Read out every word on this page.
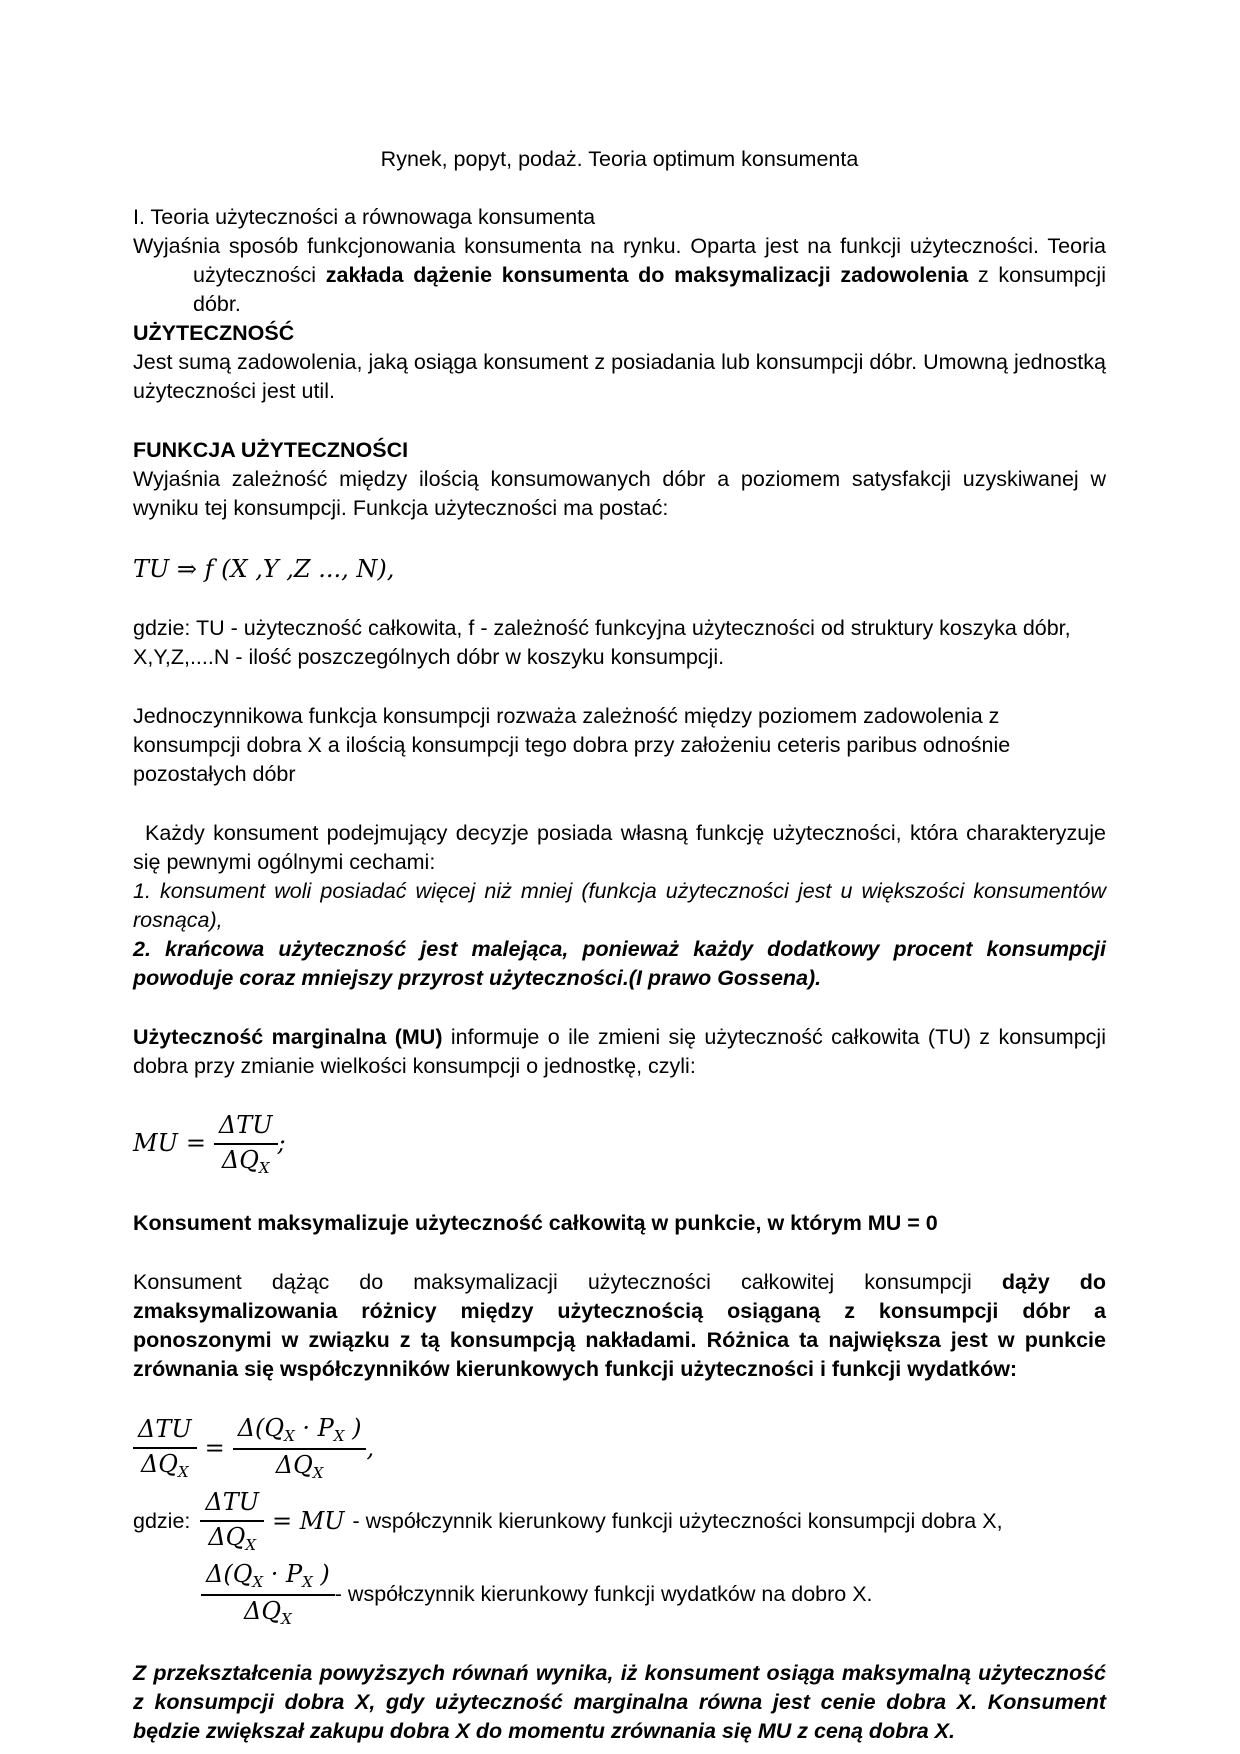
Rynek, popyt, podaż. Teoria optimum konsumenta

I. Teoria użyteczności a równowaga konsumenta

Wyjaśnia sposób funkcjonowania konsumenta na rynku. Oparta jest na funkcji użyteczności. Teoria użyteczności zakłada dążenie konsumenta do maksymalizacji zadowolenia z konsumpcji dóbr.

UŻYTECZNOŚĆ

Jest sumą zadowolenia, jaką osiąga konsument z posiadania lub konsumpcji dóbr. Umowną jednostką użyteczności jest util.

FUNKCJA UŻYTECZNOŚCI

Wyjaśnia zależność między ilością konsumowanych dóbr a poziomem satysfakcji uzyskiwanej w wyniku tej konsumpcji. Funkcja użyteczności ma postać:

TU ⇒ f (X ,Y ,Z ..., N),

gdzie: TU - użyteczność całkowita, f - zależność funkcyjna użyteczności od struktury koszyka dóbr, X,Y,Z,....N - ilość poszczególnych dóbr w koszyku konsumpcji.

Jednoczynnikowa funkcja konsumpcji rozważa zależność między poziomem zadowolenia z konsumpcji dobra X a ilością konsumpcji tego dobra przy założeniu ceteris paribus odnośnie pozostałych dóbr

Każdy konsument podejmujący decyzje posiada własną funkcję użyteczności, która charakteryzuje się pewnymi ogólnymi cechami:

1. konsument woli posiadać więcej niż mniej (funkcja użyteczności jest u większości konsumentów rosnąca),

2. krańcowa użyteczność jest malejąca, ponieważ każdy dodatkowy procent konsumpcji powoduje coraz mniejszy przyrost użyteczności.(I prawo Gossena).

Użyteczność marginalna (MU) informuje o ile zmieni się użyteczność całkowita (TU) z konsumpcji dobra przy zmianie wielkości konsumpcji o jednostkę, czyli:

MU = $\frac{\text{ΔTU}}{\Delta Q_X}$ ;

Konsument maksymalizuje użyteczność całkowitą w punkcie, w którym MU = 0

Konsument dążąc do maksymalizacji użyteczności całkowitej konsumpcji dąży do zmaksymalizowania różnicy między użytecznością osiąganą z konsumpcji dóbr a ponoszonymi w związku z tą konsumpcją nakładami. Różnica ta największa jest w punkcie zrównania się współczynników kierunkowych funkcji użyteczności i funkcji wydatków:

$\frac{\text{ΔTU}}{\Delta Q_X} = \frac{\Delta(Q_X \cdot P_X )}{\Delta Q_X}$ ,
gdzie: $\frac{\text{ΔTU}}{\Delta Q_X}$ = MU - współczynnik kierunkowy funkcji użyteczności konsumpcji dobra X,
$\frac{\Delta(Q_X \cdot P_X )}{\Delta Q_X}$ - współczynnik kierunkowy funkcji wydatków na dobro X.

Z przekształcenia powyższych równań wynika, iż konsument osiąga maksymalną użyteczność z konsumpcji dobra X, gdy użyteczność marginalna równa jest cenie dobra X. Konsument będzie zwiększał zakupu dobra X do momentu zrównania się MU z ceną dobra X.
